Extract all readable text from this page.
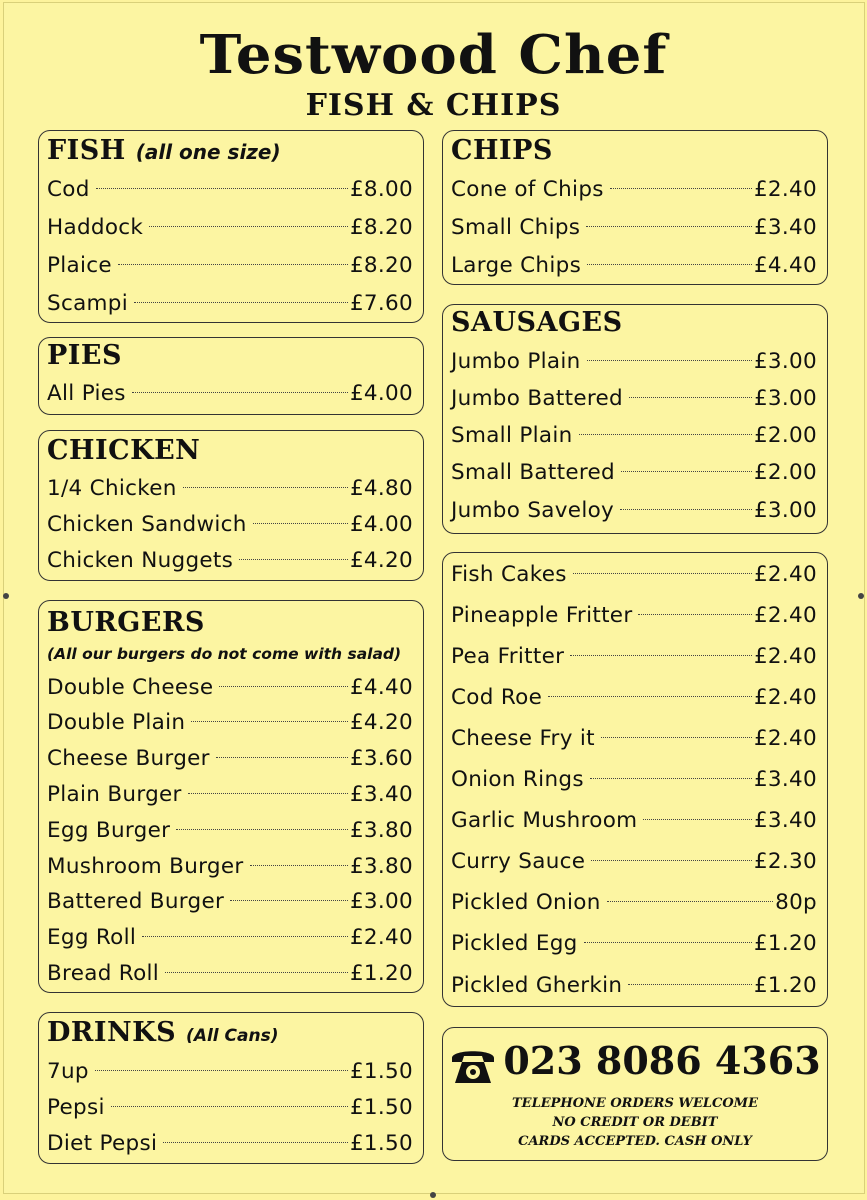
Testwood Chef
FISH & CHIPS
FISH (all one size)
Cod	£8.00
Haddock	£8.20
Plaice	£8.20
Scampi	£7.60
PIES
All Pies	£4.00
CHICKEN
1/4 Chicken	£4.80
Chicken Sandwich	£4.00
Chicken Nuggets	£4.20
BURGERS
(All our burgers do not come with salad)
Double Cheese	£4.40
Double Plain	£4.20
Cheese Burger	£3.60
Plain Burger	£3.40
Egg Burger	£3.80
Mushroom Burger	£3.80
Battered Burger	£3.00
Egg Roll	£2.40
Bread Roll	£1.20
DRINKS (All Cans)
7up	£1.50
Pepsi	£1.50
Diet Pepsi	£1.50
CHIPS
Cone of Chips	£2.40
Small Chips	£3.40
Large Chips	£4.40
SAUSAGES
Jumbo Plain	£3.00
Jumbo Battered	£3.00
Small Plain	£2.00
Small Battered	£2.00
Jumbo Saveloy	£3.00
Fish Cakes	£2.40
Pineapple Fritter	£2.40
Pea Fritter	£2.40
Cod Roe	£2.40
Cheese Fry it	£2.40
Onion Rings	£3.40
Garlic Mushroom	£3.40
Curry Sauce	£2.30
Pickled Onion	80p
Pickled Egg	£1.20
Pickled Gherkin	£1.20
023 8086 4363
TELEPHONE ORDERS WELCOME
NO CREDIT OR DEBIT
CARDS ACCEPTED. CASH ONLY
